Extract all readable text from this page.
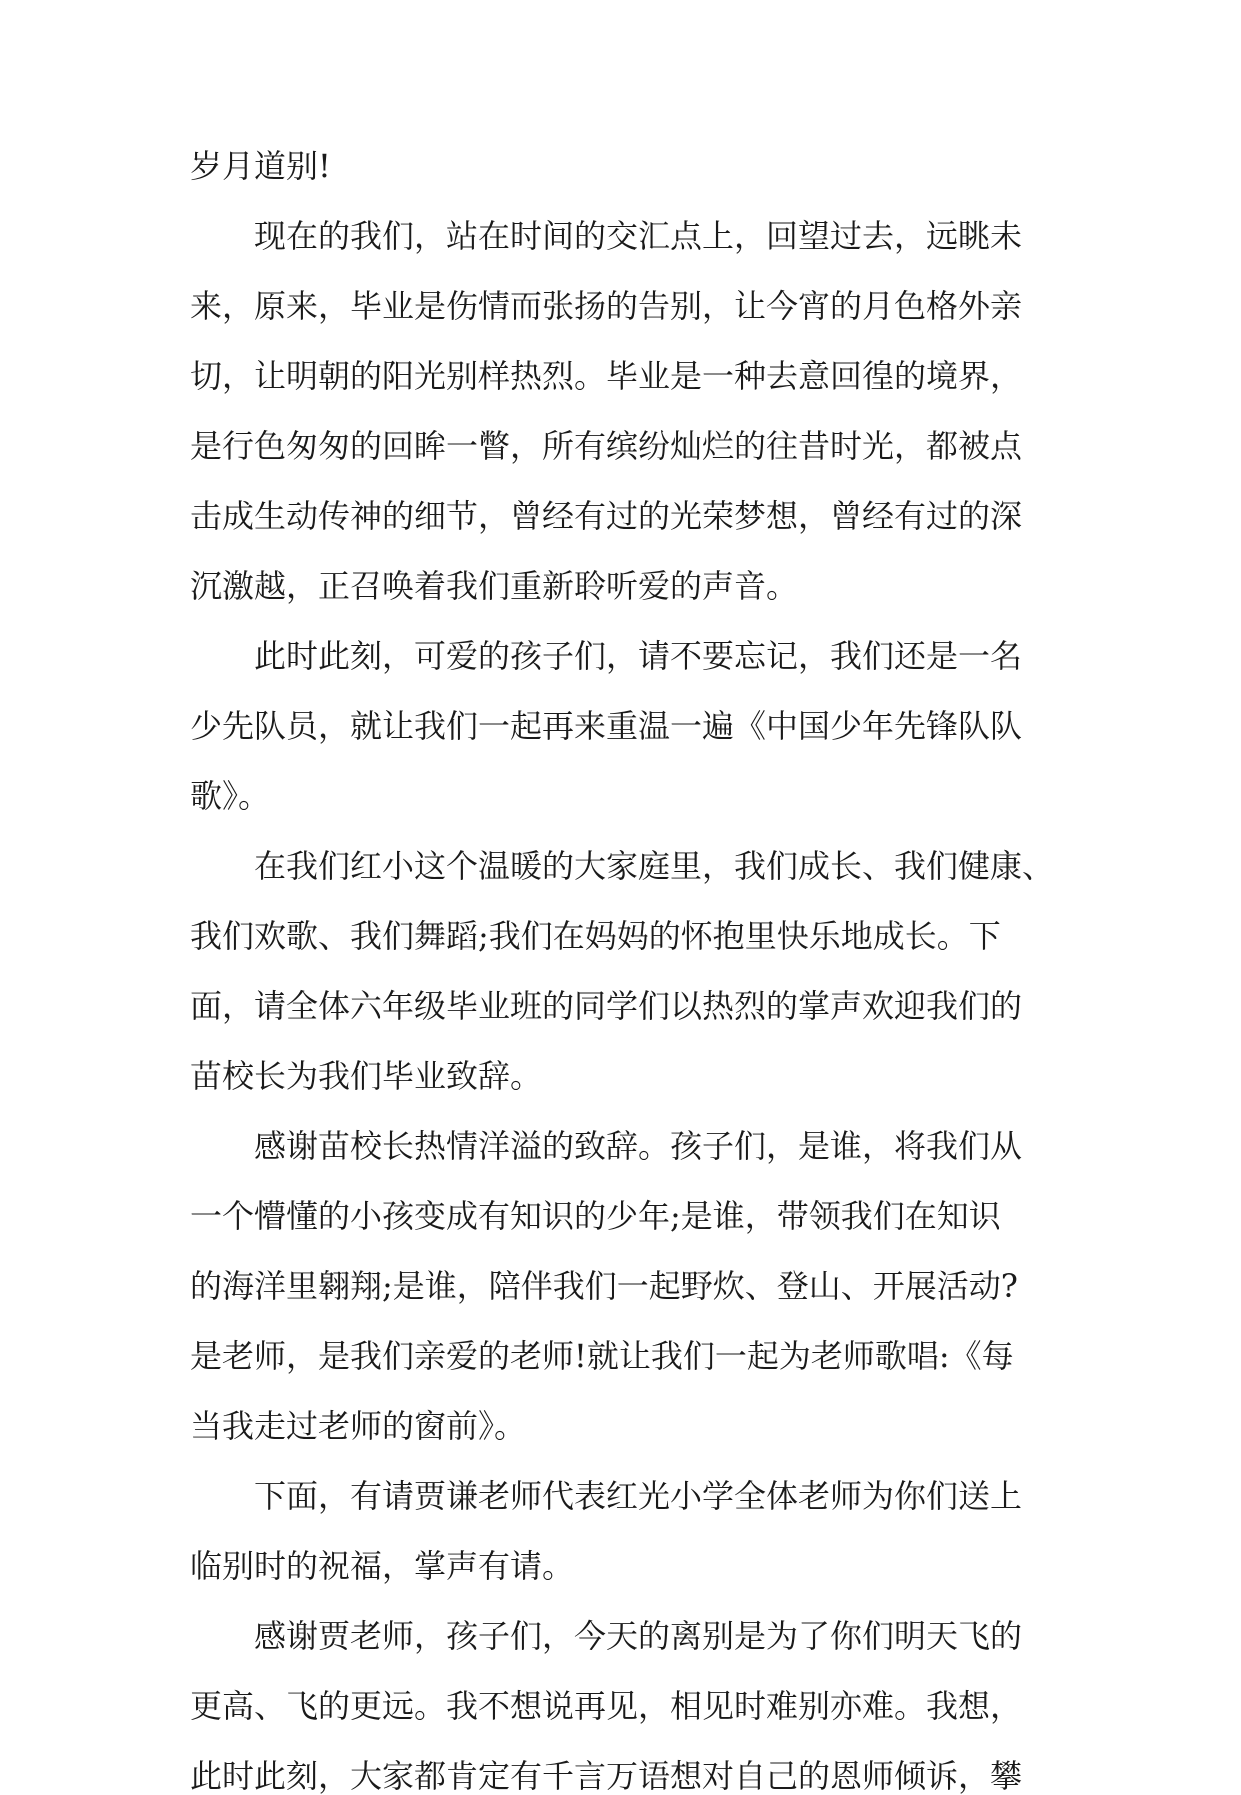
岁月道别!

　　现在的我们，站在时间的交汇点上，回望过去，远眺未

来，原来，毕业是伤情而张扬的告别，让今宵的月色格外亲

切，让明朝的阳光别样热烈。毕业是一种去意回徨的境界，

是行色匆匆的回眸一瞥，所有缤纷灿烂的往昔时光，都被点

击成生动传神的细节，曾经有过的光荣梦想，曾经有过的深

沉激越，正召唤着我们重新聆听爱的声音。

　　此时此刻，可爱的孩子们，请不要忘记，我们还是一名

少先队员，就让我们一起再来重温一遍《中国少年先锋队队

歌》。

　　在我们红小这个温暖的大家庭里，我们成长、我们健康、

我们欢歌、我们舞蹈;我们在妈妈的怀抱里快乐地成长。下

面，请全体六年级毕业班的同学们以热烈的掌声欢迎我们的

苗校长为我们毕业致辞。

　　感谢苗校长热情洋溢的致辞。孩子们，是谁，将我们从

一个懵懂的小孩变成有知识的少年;是谁，带领我们在知识

的海洋里翱翔;是谁，陪伴我们一起野炊、登山、开展活动?

是老师，是我们亲爱的老师!就让我们一起为老师歌唱:《每

当我走过老师的窗前》。

　　下面，有请贾谦老师代表红光小学全体老师为你们送上

临别时的祝福，掌声有请。

　　感谢贾老师，孩子们，今天的离别是为了你们明天飞的

更高、飞的更远。我不想说再见，相见时难别亦难。我想，

此时此刻，大家都肯定有千言万语想对自己的恩师倾诉，攀
